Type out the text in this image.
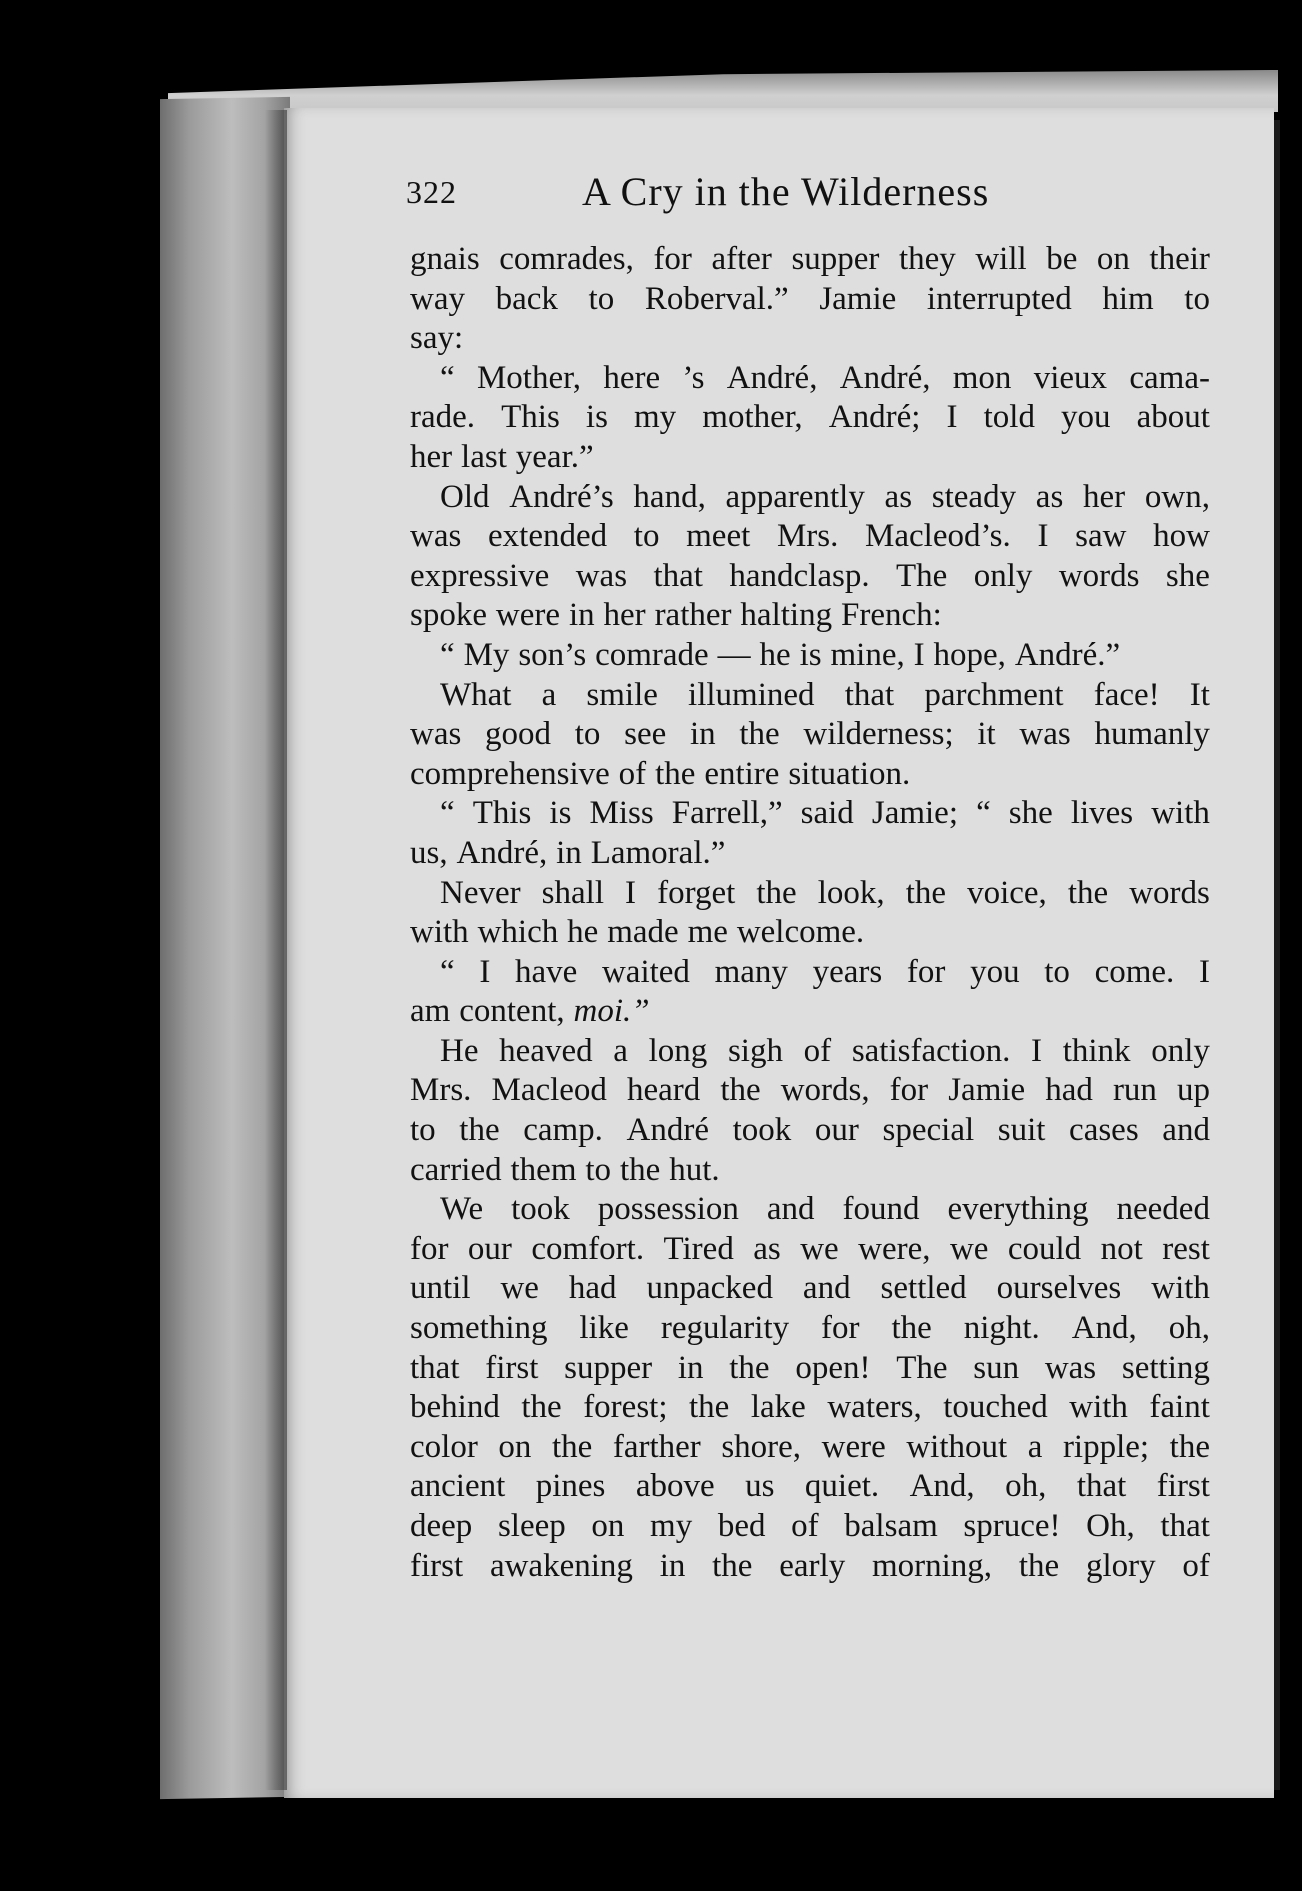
322	A Cry in the Wilderness
gnais comrades, for after supper they will be on their
way back to Roberval.” Jamie interrupted him to
say:
“ Mother, here ’s André, André, mon vieux cama-
rade. This is my mother, André; I told you about
her last year.”
Old André’s hand, apparently as steady as her own,
was extended to meet Mrs. Macleod’s. I saw how
expressive was that handclasp. The only words she
spoke were in her rather halting French:
“ My son’s comrade — he is mine, I hope, André.”
What a smile illumined that parchment face! It
was good to see in the wilderness; it was humanly
comprehensive of the entire situation.
“ This is Miss Farrell,” said Jamie; “ she lives with
us, André, in Lamoral.”
Never shall I forget the look, the voice, the words
with which he made me welcome.
“ I have waited many years for you to come. I
am content, moi.”
He heaved a long sigh of satisfaction. I think only
Mrs. Macleod heard the words, for Jamie had run up
to the camp. André took our special suit cases and
carried them to the hut.
We took possession and found everything needed
for our comfort. Tired as we were, we could not rest
until we had unpacked and settled ourselves with
something like regularity for the night. And, oh,
that first supper in the open! The sun was setting
behind the forest; the lake waters, touched with faint
color on the farther shore, were without a ripple; the
ancient pines above us quiet. And, oh, that first
deep sleep on my bed of balsam spruce! Oh, that
first awakening in the early morning, the glory of
